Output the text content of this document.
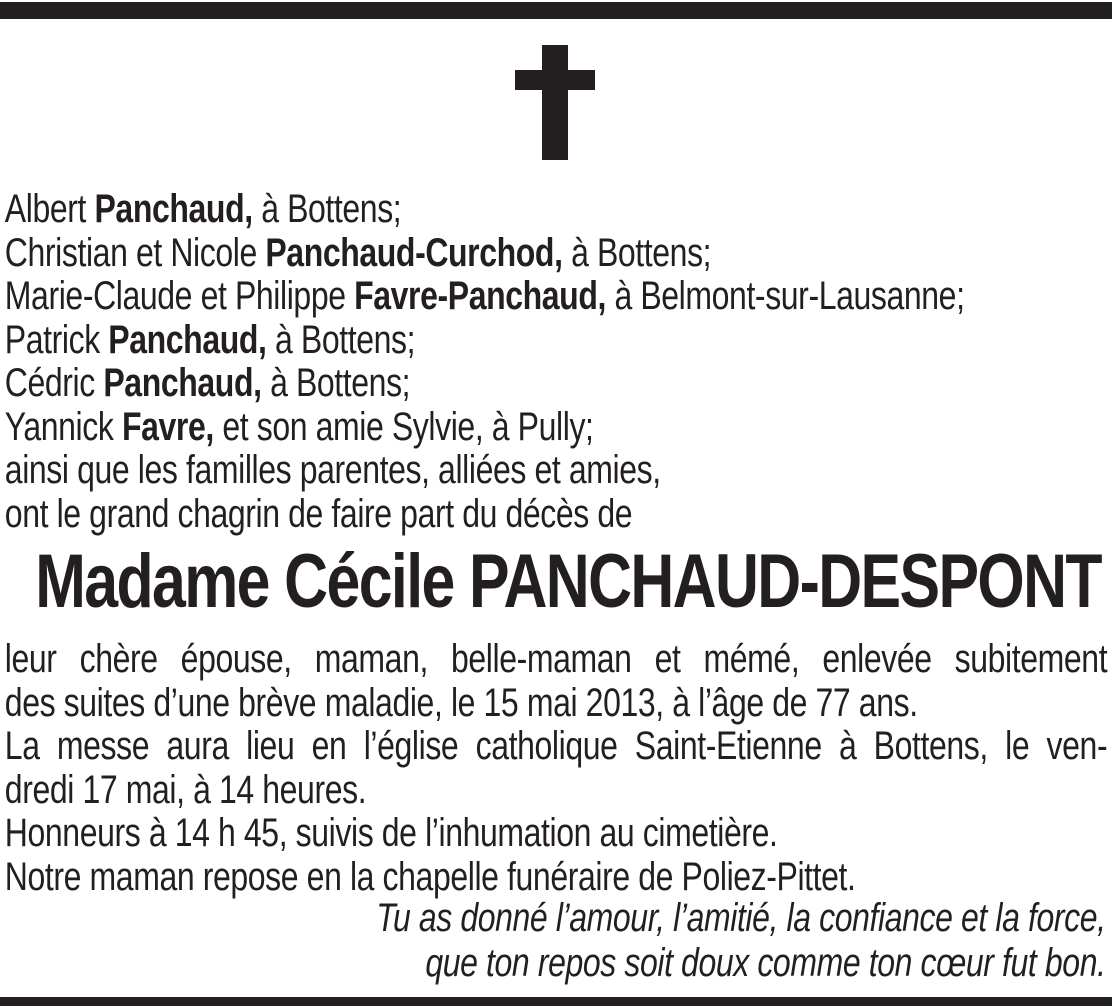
Albert Panchaud, à Bottens;
Christian et Nicole Panchaud-Curchod, à Bottens;
Marie-Claude et Philippe Favre-Panchaud, à Belmont-sur-Lausanne;
Patrick Panchaud, à Bottens;
Cédric Panchaud, à Bottens;
Yannick Favre, et son amie Sylvie, à Pully;
ainsi que les familles parentes, alliées et amies,
ont le grand chagrin de faire part du décès de
Madame Cécile PANCHAUD-DESPONT
leur chère épouse, maman, belle-maman et mémé, enlevée subitement
des suites d’une brève maladie, le 15 mai 2013, à l’âge de 77 ans.
La messe aura lieu en l’église catholique Saint-Etienne à Bottens, le ven-
dredi 17 mai, à 14 heures.
Honneurs à 14 h 45, suivis de l’inhumation au cimetière.
Notre maman repose en la chapelle funéraire de Poliez-Pittet.
Tu as donné l’amour, l’amitié, la confiance et la force,
que ton repos soit doux comme ton cœur fut bon.
